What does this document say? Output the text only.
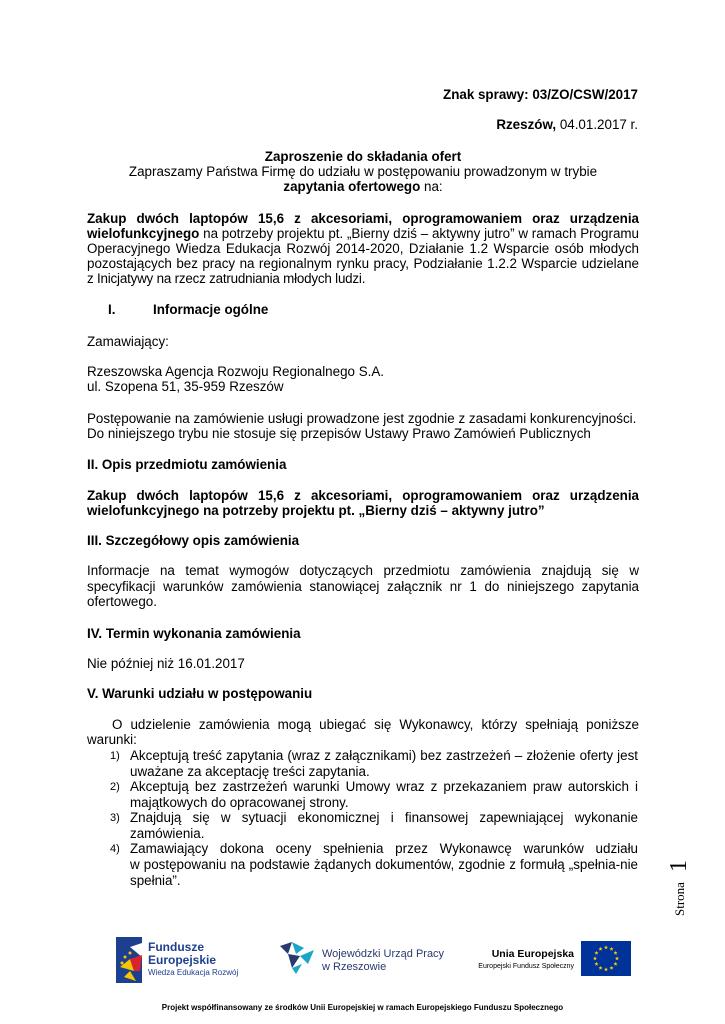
Znak sprawy: 03/ZO/CSW/2017
Rzeszów, 04.01.2017 r.
Zaproszenie do składania ofert
Zapraszamy Państwa Firmę do udziału w postępowaniu prowadzonym w trybie
zapytania ofertowego na:
Zakup dwóch laptopów 15,6 z akcesoriami, oprogramowaniem oraz urządzenia
wielofunkcyjnego na potrzeby projektu pt. „Bierny dziś – aktywny jutro” w ramach Programu
Operacyjnego Wiedza Edukacja Rozwój 2014-2020, Działanie 1.2 Wsparcie osób młodych
pozostających bez pracy na regionalnym rynku pracy, Podziałanie 1.2.2 Wsparcie udzielane
z Inicjatywy na rzecz zatrudniania młodych ludzi.
I.	Informacje ogólne
Zamawiający:
Rzeszowska Agencja Rozwoju Regionalnego S.A.
ul. Szopena 51, 35-959 Rzeszów
Postępowanie na zamówienie usługi prowadzone jest zgodnie z zasadami konkurencyjności.
Do niniejszego trybu nie stosuje się przepisów Ustawy Prawo Zamówień Publicznych
II. Opis przedmiotu zamówienia
Zakup dwóch laptopów 15,6 z akcesoriami, oprogramowaniem oraz urządzenia
wielofunkcyjnego na potrzeby projektu pt. „Bierny dziś – aktywny jutro”
III. Szczegółowy opis zamówienia
Informacje na temat wymogów dotyczących przedmiotu zamówienia znajdują się w
specyfikacji warunków zamówienia stanowiącej załącznik nr 1 do niniejszego zapytania
ofertowego.
IV. Termin wykonania zamówienia
Nie później niż 16.01.2017
V. Warunki udziału w postępowaniu
O udzielenie zamówienia mogą ubiegać się Wykonawcy, którzy spełniają poniższe
warunki:
1) Akceptują treść zapytania (wraz z załącznikami) bez zastrzeżeń – złożenie oferty jest
uważane za akceptację treści zapytania.
2) Akceptują bez zastrzeżeń warunki Umowy wraz z przekazaniem praw autorskich i
majątkowych do opracowanej strony.
3) Znajdują się w sytuacji ekonomicznej i finansowej zapewniającej wykonanie
zamówienia.
4) Zamawiający dokona oceny spełnienia przez Wykonawcę warunków udziału
w postępowaniu na podstawie żądanych dokumentów, zgodnie z formułą „spełnia-nie
spełnia”.
Strona
1
Fundusze
Europejskie
Wiedza Edukacja Rozwój
Wojewódzki Urząd Pracy
w Rzeszowie
Unia Europejska
Europejski Fundusz Społeczny
Projekt współfinansowany ze środków Unii Europejskiej w ramach Europejskiego Funduszu Społecznego
